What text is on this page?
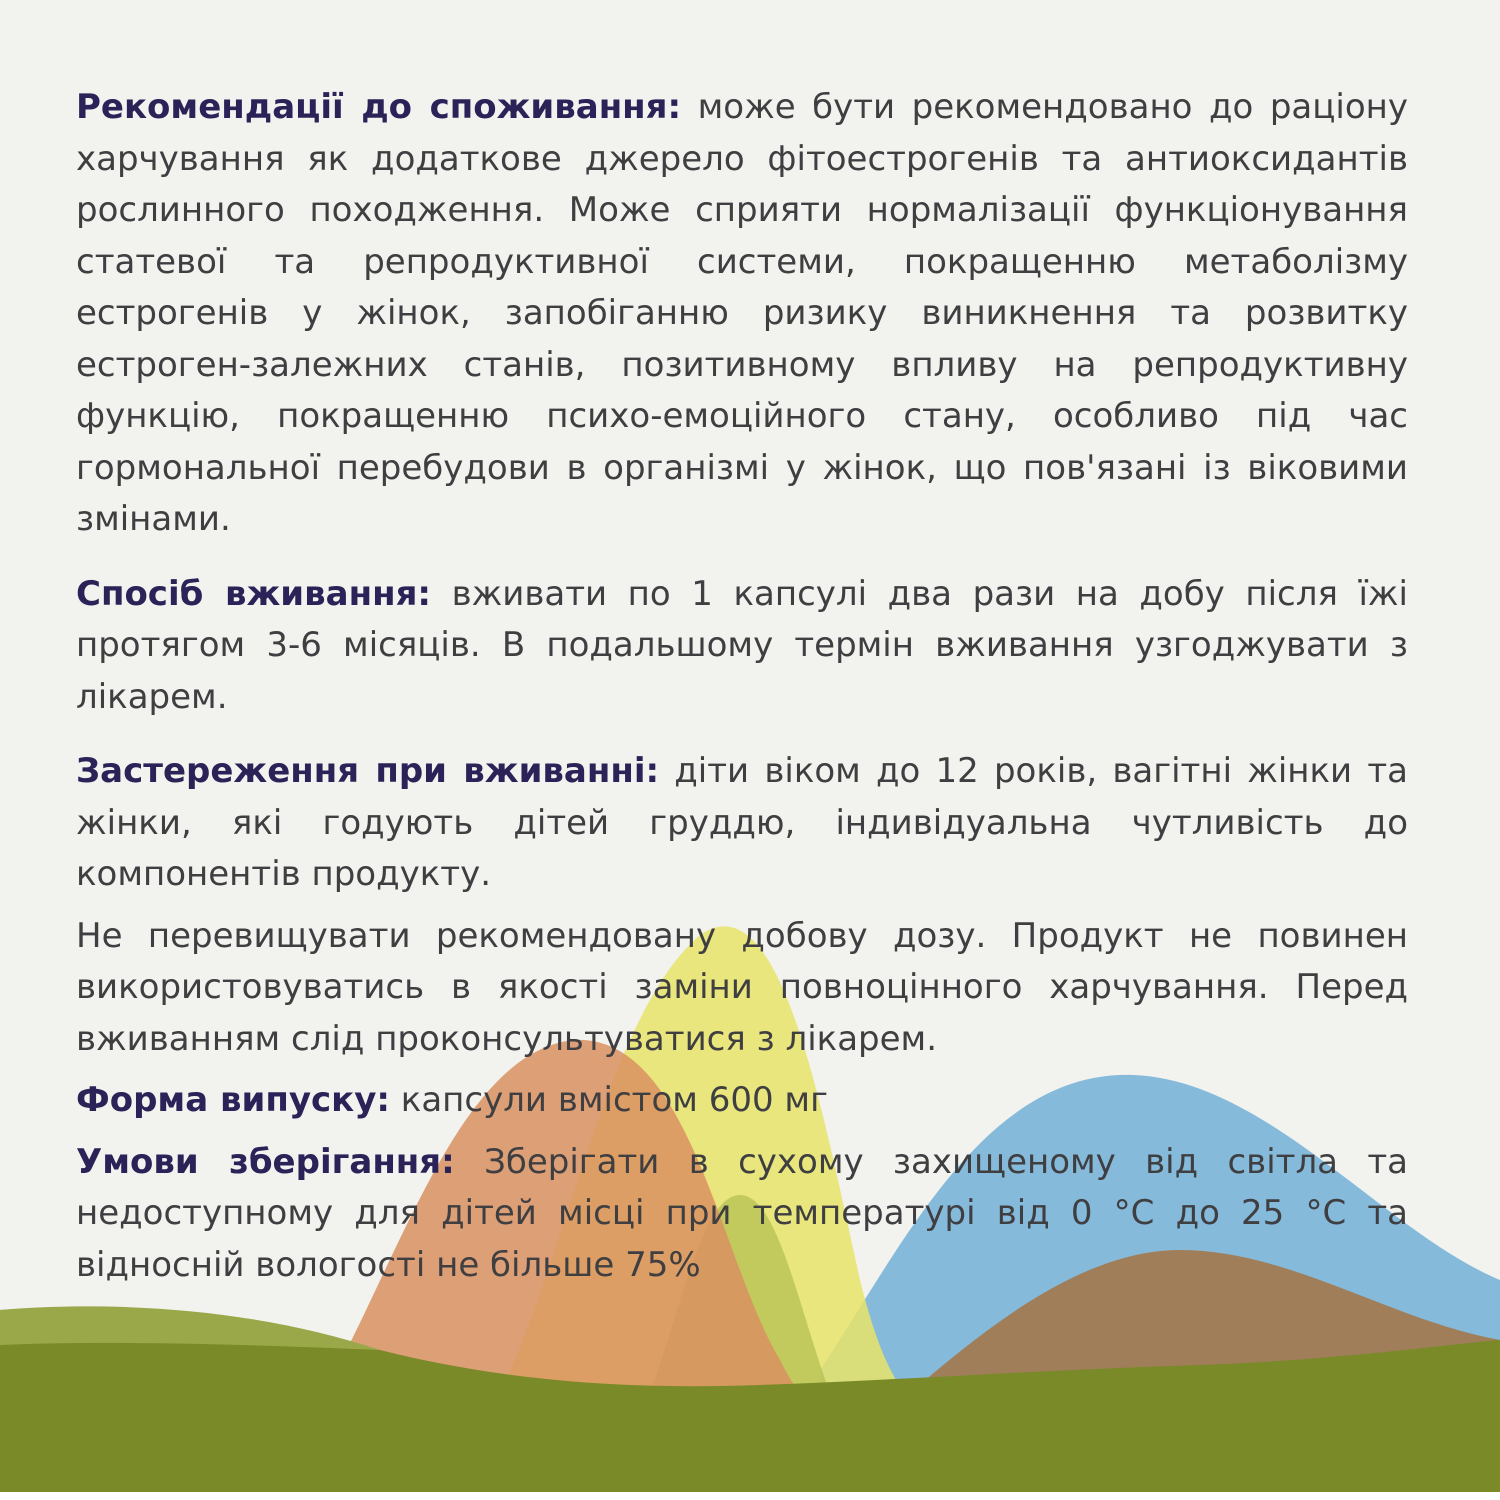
Рекомендації до споживання: може бути рекомендовано до раціону харчування як додаткове джерело фітоестрогенів та антиоксидантів рослинного походження. Може сприяти нормалізації функціонування статевої та репродуктивної системи, покращенню метаболізму естрогенів у жінок, запобіганню ризику виникнення та розвитку естроген-залежних станів, позитивному впливу на репродуктивну функцію, покращенню психо-емоційного стану, особливо під час гормональної перебудови в організмі у жінок, що пов'язані із віковими змінами.

Спосіб вживання: вживати по 1 капсулі два рази на добу після їжі протягом 3-6 місяців. В подальшому термін вживання узгоджувати з лікарем.

Застереження при вживанні: діти віком до 12 років, вагітні жінки та жінки, які годують дітей груддю, індивідуальна чутливість до компонентів продукту.

Не перевищувати рекомендовану добову дозу. Продукт не повинен використовуватись в якості заміни повноцінного харчування. Перед вживанням слід проконсультуватися з лікарем.

Форма випуску: капсули вмістом 600 мг

Умови зберігання: Зберігати в сухому захищеному від світла та недоступному для дітей місці при температурі від 0 °С до 25 °С та відносній вологості не більше 75%
